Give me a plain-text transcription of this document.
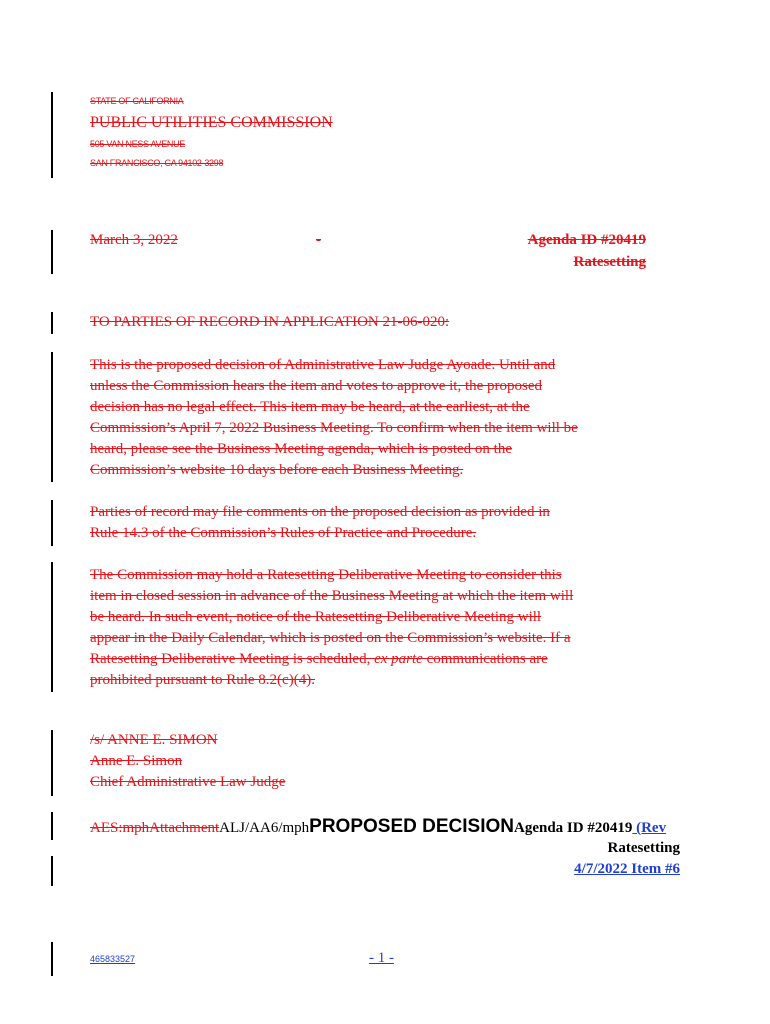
STATE OF CALIFORNIA
PUBLIC UTILITIES COMMISSION
505 VAN NESS AVENUE
SAN FRANCISCO, CA 94102-3298
March 3, 2022	-	Agenda ID #20419
Ratesetting
TO PARTIES OF RECORD IN APPLICATION 21-06-020:
This is the proposed decision of Administrative Law Judge Ayoade. Until and
unless the Commission hears the item and votes to approve it, the proposed
decision has no legal effect. This item may be heard, at the earliest, at the
Commission’s April 7, 2022 Business Meeting. To confirm when the item will be
heard, please see the Business Meeting agenda, which is posted on the
Commission’s website 10 days before each Business Meeting.
Parties of record may file comments on the proposed decision as provided in
Rule 14.3 of the Commission’s Rules of Practice and Procedure.
The Commission may hold a Ratesetting Deliberative Meeting to consider this
item in closed session in advance of the Business Meeting at which the item will
be heard. In such event, notice of the Ratesetting Deliberative Meeting will
appear in the Daily Calendar, which is posted on the Commission’s website. If a
Ratesetting Deliberative Meeting is scheduled, ex parte communications are
prohibited pursuant to Rule 8.2(c)(4).
/s/ ANNE E. SIMON
Anne E. Simon
Chief Administrative Law Judge
AES:mphAttachmentALJ/AA6/mphPROPOSED DECISIONAgenda ID #20419 (Rev
Ratesetting
4/7/2022 Item #6
465833527	- 1 -
